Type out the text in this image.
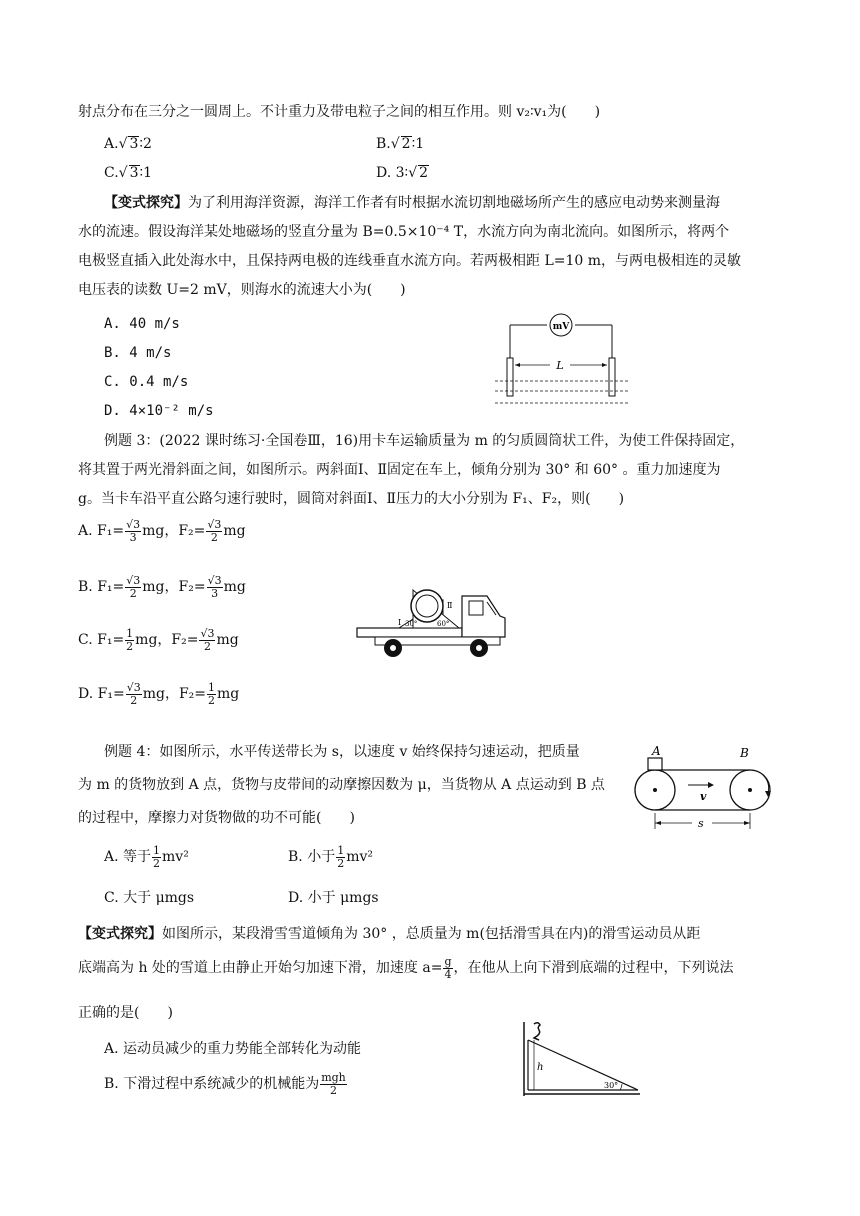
射点分布在三分之一圆周上。不计重力及带电粒子之间的相互作用。则 v₂∶v₁为(　　)
A.√ 3∶2	B.√ 2∶1
C.√ 3∶1	D. 3∶√ 2
【变式探究】为了利用海洋资源，海洋工作者有时根据水流切割地磁场所产生的感应电动势来测量海
水的流速。假设海洋某处地磁场的竖直分量为 B=0.5×10⁻⁴ T，水流方向为南北流向。如图所示，将两个
电极竖直插入此处海水中，且保持两电极的连线垂直水流方向。若两极相距 L=10 m，与两电极相连的灵敏
电压表的读数 U=2 mV，则海水的流速大小为(　　)
A. 40 m/s
B. 4 m/s
C. 0.4 m/s
D. 4×10⁻² m/s
mV
L
例题 3：(2022 课时练习·全国卷Ⅲ，16)用卡车运输质量为 m 的匀质圆筒状工件，为使工件保持固定，
将其置于两光滑斜面之间，如图所示。两斜面Ⅰ、Ⅱ固定在车上，倾角分别为 30° 和 60° 。重力加速度为
g。当卡车沿平直公路匀速行驶时，圆筒对斜面Ⅰ、Ⅱ压力的大小分别为 F₁、F₂，则(　　)
A. $F_1= \frac{√3}{3}$ mg，$F_2= \frac{√3}{2}$ mg
B. $F_1= \frac{√3}{2}$ mg，$F_2= \frac{√3}{3}$ mg
C. $F_1= \frac{1}{2}$ mg，$F_2= \frac{√3}{2}$ mg
D. $F_1= \frac{√3}{2}$ mg，$F_2= \frac{1}{2}$ mg
Ⅰ
Ⅱ
30°	60°
例题 4：如图所示，水平传送带长为 s，以速度 v 始终保持匀速运动，把质量
为 m 的货物放到 A 点，货物与皮带间的动摩擦因数为 μ，当货物从 A 点运动到 B 点
的过程中，摩擦力对货物做的功不可能(　　)
A. 等于 $\frac{1}{2} mv^2$	B. 小于 $\frac{1}{2} mv^2$
C. 大于 μmgs	D. 小于 μmgs
A	B
v
s
【变式探究】如图所示，某段滑雪雪道倾角为 30° ，总质量为 m(包括滑雪具在内)的滑雪运动员从距
底端高为 h 处的雪道上由静止开始匀加速下滑，加速度 $a= \frac{g}{4}$ ，在他从上向下滑到底端的过程中，下列说法
正确的是(　　)
A. 运动员减少的重力势能全部转化为动能
B. 下滑过程中系统减少的机械能为 $\frac{\text{mgh}}{2}$
h
30°
